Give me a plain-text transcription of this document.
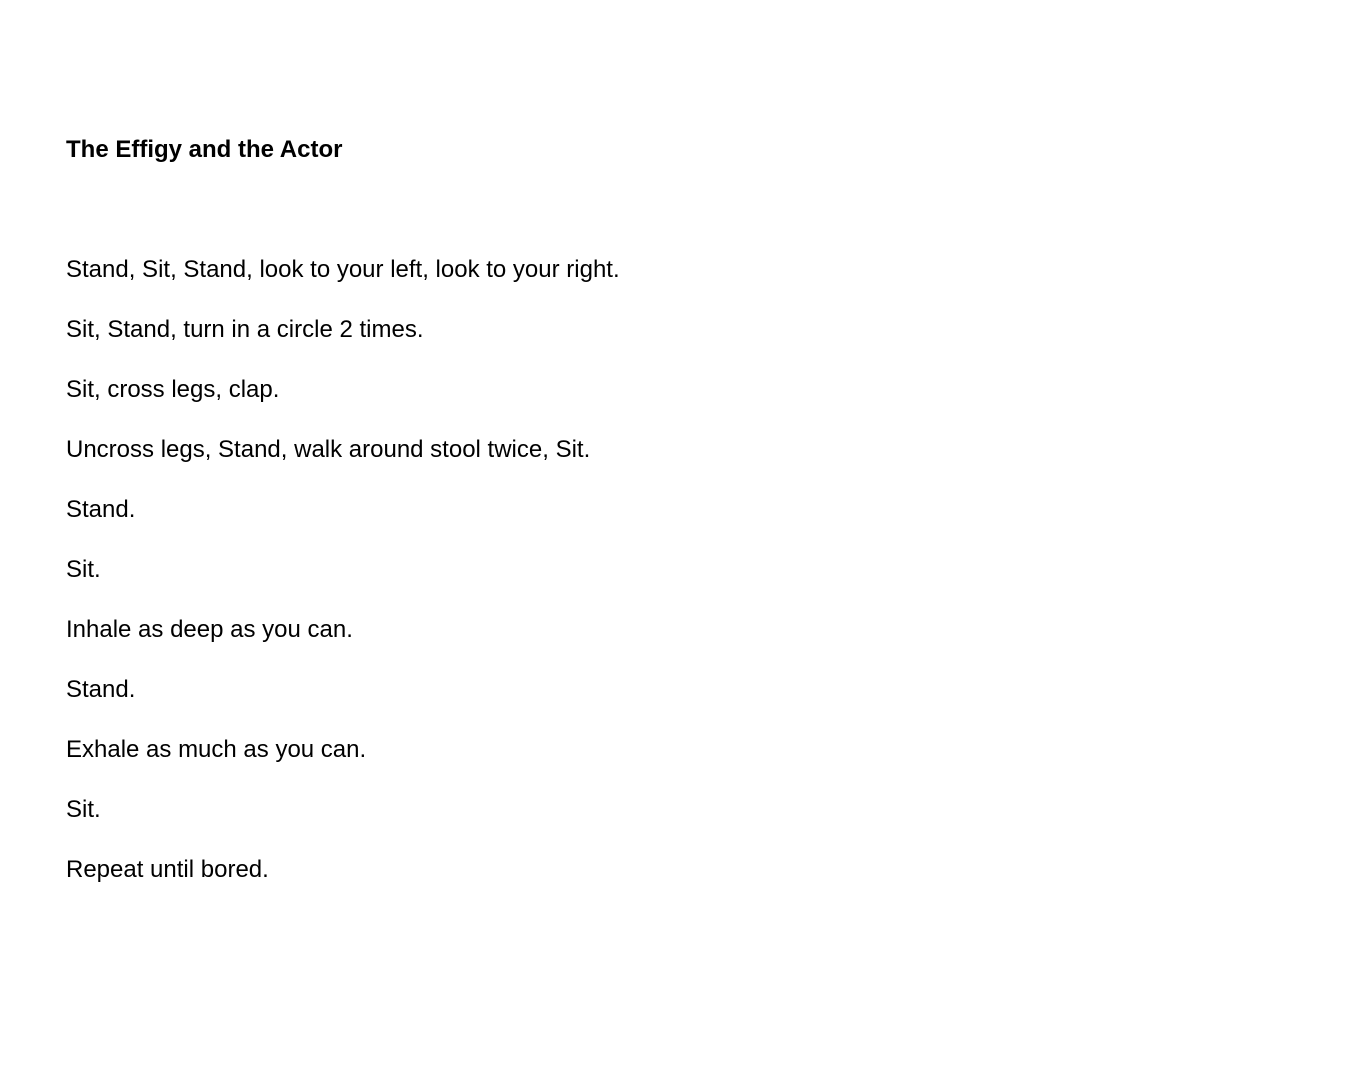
The Effigy and the Actor
Stand, Sit, Stand, look to your left, look to your right.
Sit, Stand, turn in a circle 2 times.
Sit, cross legs, clap.
Uncross legs, Stand, walk around stool twice, Sit.
Stand.
Sit.
Inhale as deep as you can.
Stand.
Exhale as much as you can.
Sit.
Repeat until bored.
